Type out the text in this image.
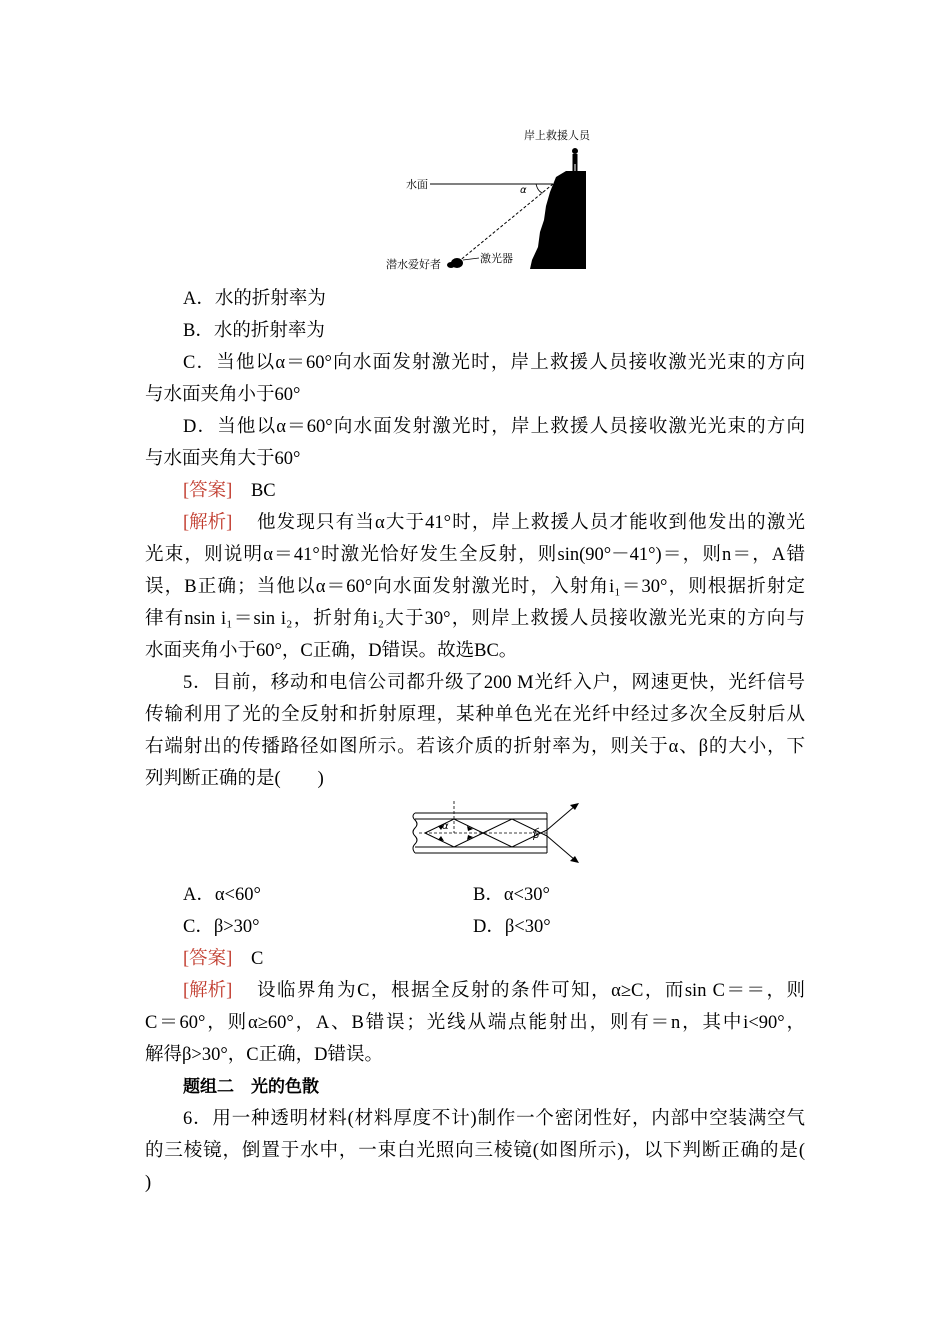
岸上救援人员
水面	α
潜水爱好者	激光器
A．水的折射率为
B．水的折射率为
C．当他以α＝60°向水面发射激光时，岸上救援人员接收激光光束的方向
与水面夹角小于60°
D．当他以α＝60°向水面发射激光时，岸上救援人员接收激光光束的方向
与水面夹角大于60°
[答案] BC
[解析] 他发现只有当α大于41°时，岸上救援人员才能收到他发出的激光
光束，则说明α＝41°时激光恰好发生全反射，则sin(90°－41°)＝，则n＝，A错
误，B正确；当他以α＝60°向水面发射激光时，入射角i₁＝30°，则根据折射定
律有nsin i₁＝sin i₂，折射角i₂大于30°，则岸上救援人员接收激光光束的方向与
水面夹角小于60°，C正确，D错误。故选BC。
5．目前，移动和电信公司都升级了200 M光纤入户，网速更快，光纤信号
传输利用了光的全反射和折射原理，某种单色光在光纤中经过多次全反射后从
右端射出的传播路径如图所示。若该介质的折射率为，则关于α、β的大小，下
列判断正确的是(　　)
α
β
A．α<60°	B．α<30°
C．β>30°	D．β<30°
[答案] C
[解析] 设临界角为C，根据全反射的条件可知，α≥C，而sin C＝＝，则
C＝60°，则α≥60°，A、B错误；光线从端点能射出，则有＝n，其中i<90°，
解得β>30°，C正确，D错误。
题组二　光的色散
6．用一种透明材料(材料厚度不计)制作一个密闭性好，内部中空装满空气
的三棱镜，倒置于水中，一束白光照向三棱镜(如图所示)，以下判断正确的是(
)
